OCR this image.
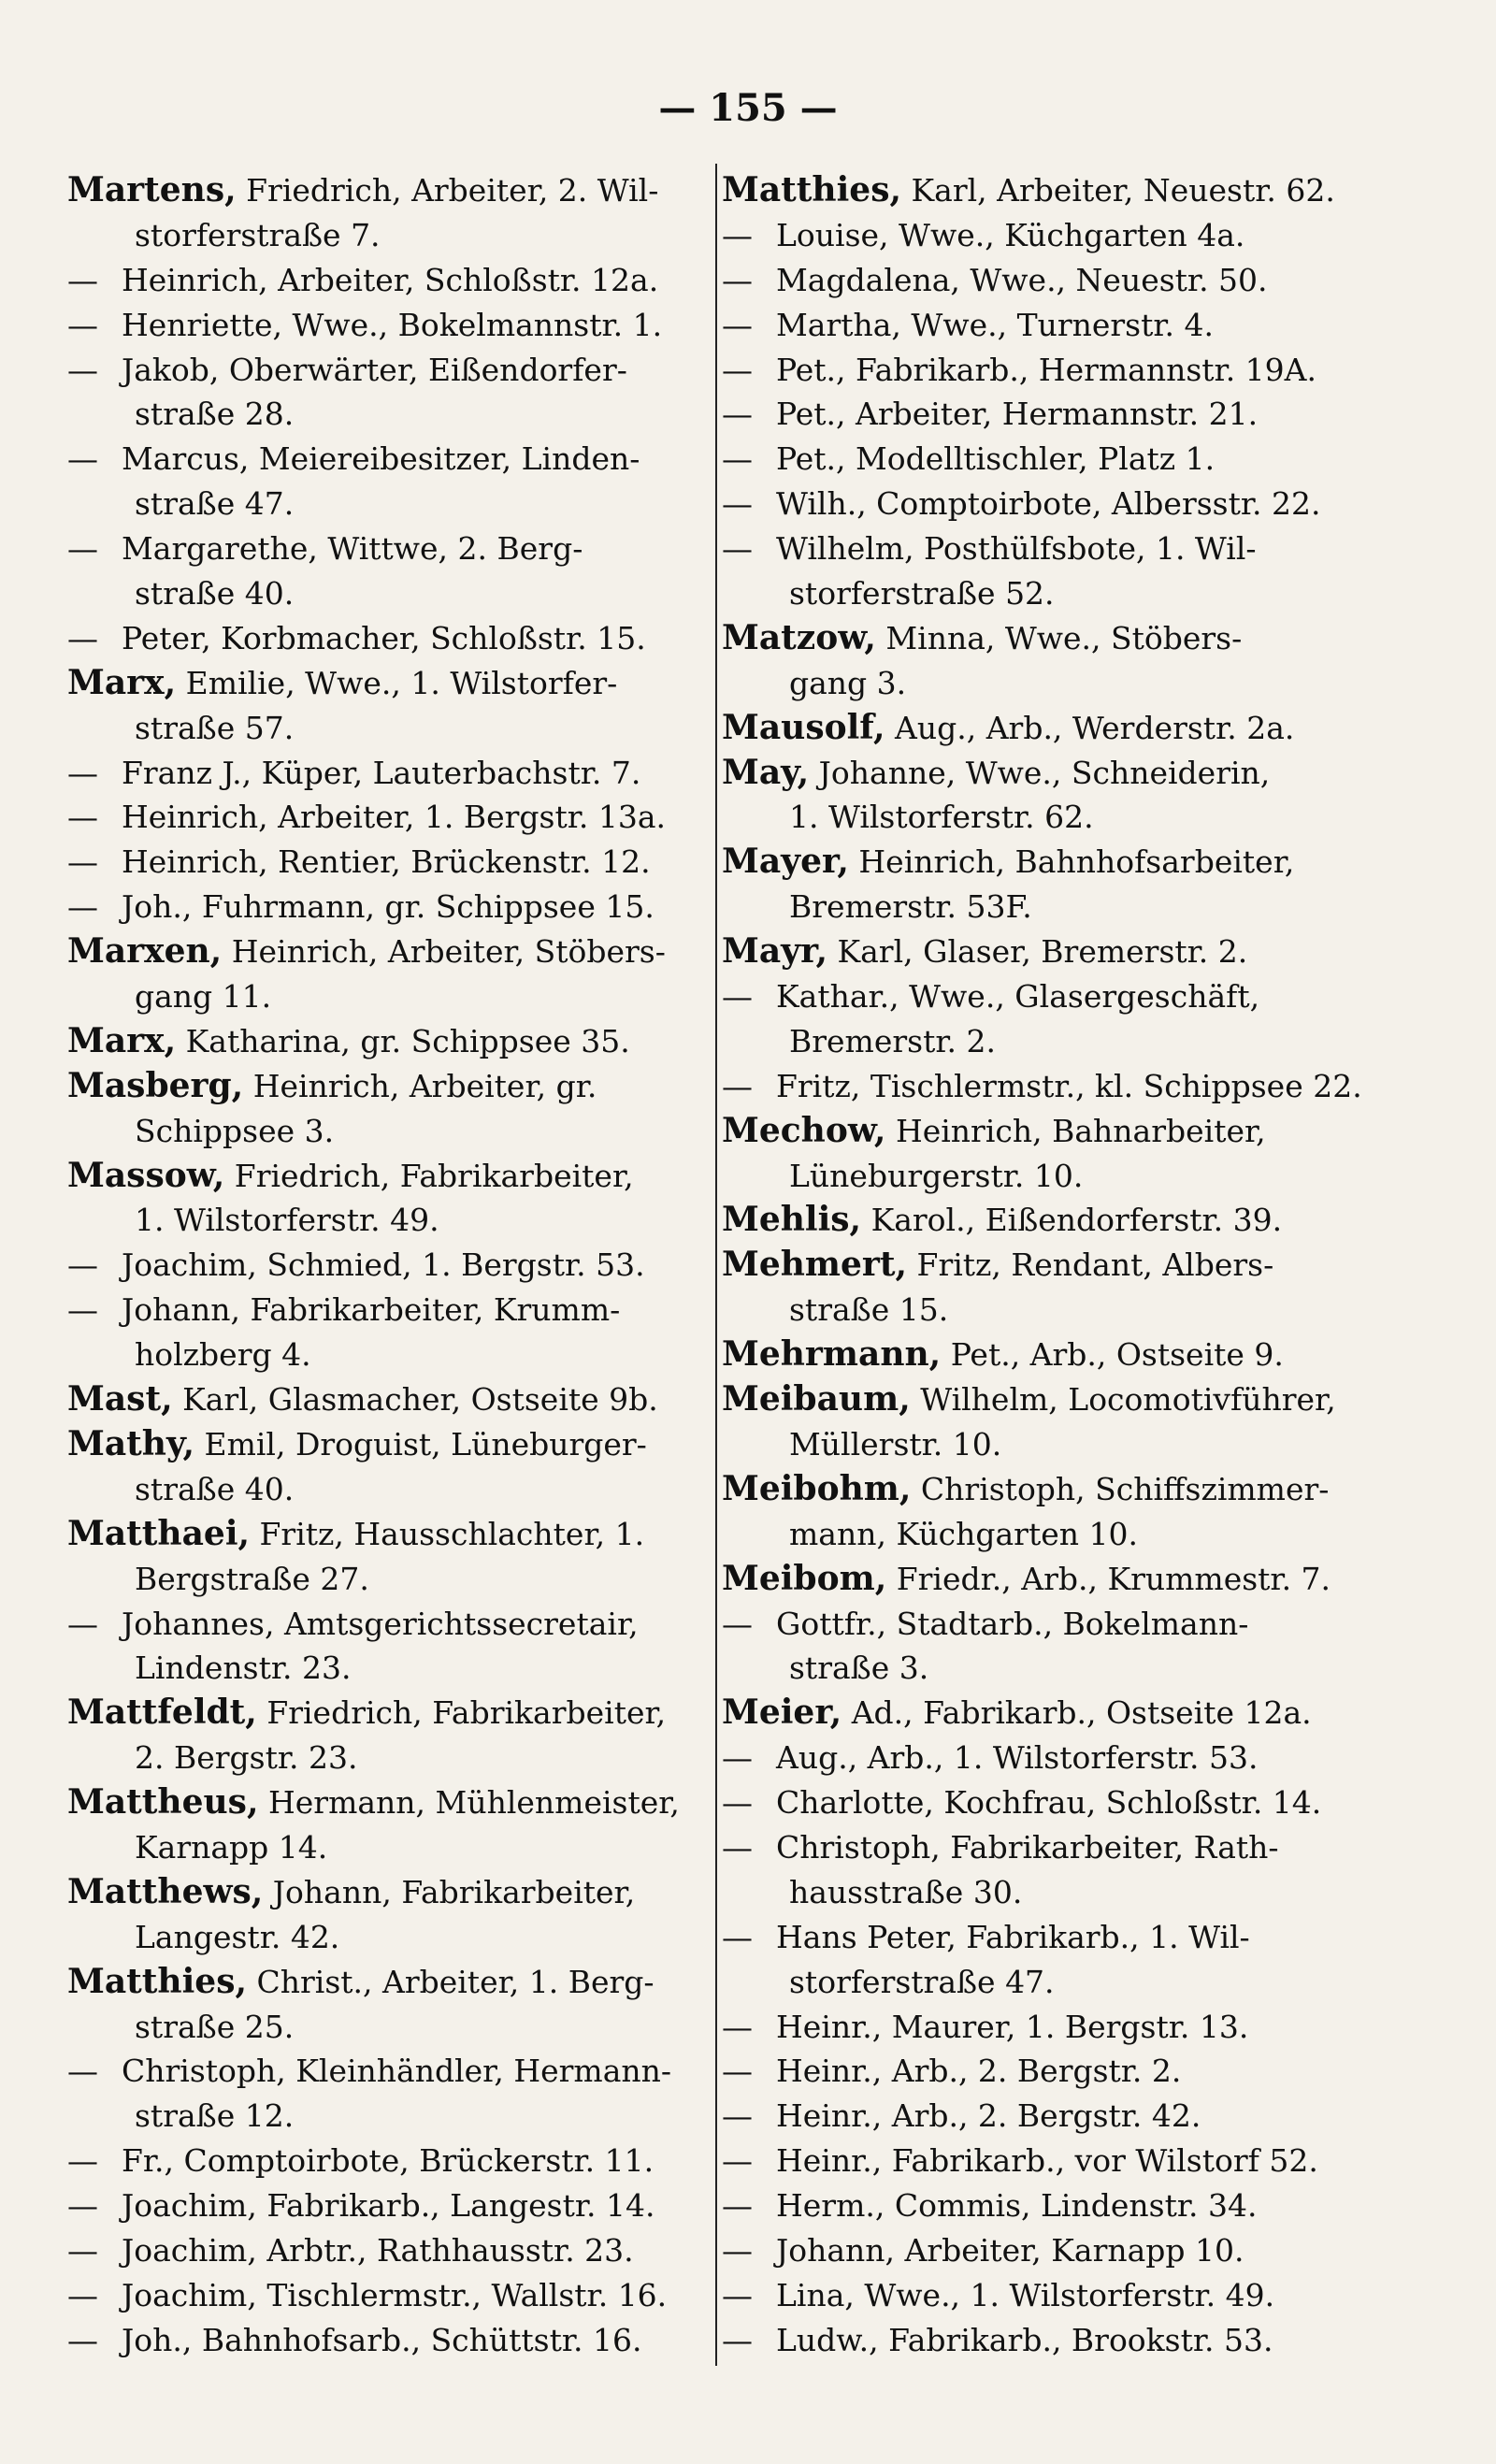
— 155 —
Martens, Friedrich, Arbeiter, 2. Wil-
storferstraße 7.
— Heinrich, Arbeiter, Schloßstr. 12a.
— Henriette, Wwe., Bokelmannstr. 1.
— Jakob, Oberwärter, Eißendorfer-
straße 28.
— Marcus, Meiereibesitzer, Linden-
straße 47.
— Margarethe, Wittwe, 2. Berg-
straße 40.
— Peter, Korbmacher, Schloßstr. 15.
Marx, Emilie, Wwe., 1. Wilstorfer-
straße 57.
— Franz J., Küper, Lauterbachstr. 7.
— Heinrich, Arbeiter, 1. Bergstr. 13a.
— Heinrich, Rentier, Brückenstr. 12.
— Joh., Fuhrmann, gr. Schippsee 15.
Marxen, Heinrich, Arbeiter, Stöbers-
gang 11.
Marx, Katharina, gr. Schippsee 35.
Masberg, Heinrich, Arbeiter, gr.
Schippsee 3.
Massow, Friedrich, Fabrikarbeiter,
1. Wilstorferstr. 49.
— Joachim, Schmied, 1. Bergstr. 53.
— Johann, Fabrikarbeiter, Krumm-
holzberg 4.
Mast, Karl, Glasmacher, Ostseite 9b.
Mathy, Emil, Droguist, Lüneburger-
straße 40.
Matthaei, Fritz, Hausschlachter, 1.
Bergstraße 27.
— Johannes, Amtsgerichtssecretair,
Lindenstr. 23.
Mattfeldt, Friedrich, Fabrikarbeiter,
2. Bergstr. 23.
Mattheus, Hermann, Mühlenmeister,
Karnapp 14.
Matthews, Johann, Fabrikarbeiter,
Langestr. 42.
Matthies, Christ., Arbeiter, 1. Berg-
straße 25.
— Christoph, Kleinhändler, Hermann-
straße 12.
— Fr., Comptoirbote, Brückerstr. 11.
— Joachim, Fabrikarb., Langestr. 14.
— Joachim, Arbtr., Rathhausstr. 23.
— Joachim, Tischlermstr., Wallstr. 16.
— Joh., Bahnhofsarb., Schüttstr. 16.
Matthies, Karl, Arbeiter, Neuestr. 62.
— Louise, Wwe., Küchgarten 4a.
— Magdalena, Wwe., Neuestr. 50.
— Martha, Wwe., Turnerstr. 4.
— Pet., Fabrikarb., Hermannstr. 19A.
— Pet., Arbeiter, Hermannstr. 21.
— Pet., Modelltischler, Platz 1.
— Wilh., Comptoirbote, Albersstr. 22.
— Wilhelm, Posthülfsbote, 1. Wil-
storferstraße 52.
Matzow, Minna, Wwe., Stöbers-
gang 3.
Mausolf, Aug., Arb., Werderstr. 2a.
May, Johanne, Wwe., Schneiderin,
1. Wilstorferstr. 62.
Mayer, Heinrich, Bahnhofsarbeiter,
Bremerstr. 53F.
Mayr, Karl, Glaser, Bremerstr. 2.
— Kathar., Wwe., Glasergeschäft,
Bremerstr. 2.
— Fritz, Tischlermstr., kl. Schippsee 22.
Mechow, Heinrich, Bahnarbeiter,
Lüneburgerstr. 10.
Mehlis, Karol., Eißendorferstr. 39.
Mehmert, Fritz, Rendant, Albers-
straße 15.
Mehrmann, Pet., Arb., Ostseite 9.
Meibaum, Wilhelm, Locomotivführer,
Müllerstr. 10.
Meibohm, Christoph, Schiffszimmer-
mann, Küchgarten 10.
Meibom, Friedr., Arb., Krummestr. 7.
— Gottfr., Stadtarb., Bokelmann-
straße 3.
Meier, Ad., Fabrikarb., Ostseite 12a.
— Aug., Arb., 1. Wilstorferstr. 53.
— Charlotte, Kochfrau, Schloßstr. 14.
— Christoph, Fabrikarbeiter, Rath-
hausstraße 30.
— Hans Peter, Fabrikarb., 1. Wil-
storferstraße 47.
— Heinr., Maurer, 1. Bergstr. 13.
— Heinr., Arb., 2. Bergstr. 2.
— Heinr., Arb., 2. Bergstr. 42.
— Heinr., Fabrikarb., vor Wilstorf 52.
— Herm., Commis, Lindenstr. 34.
— Johann, Arbeiter, Karnapp 10.
— Lina, Wwe., 1. Wilstorferstr. 49.
— Ludw., Fabrikarb., Brookstr. 53.
